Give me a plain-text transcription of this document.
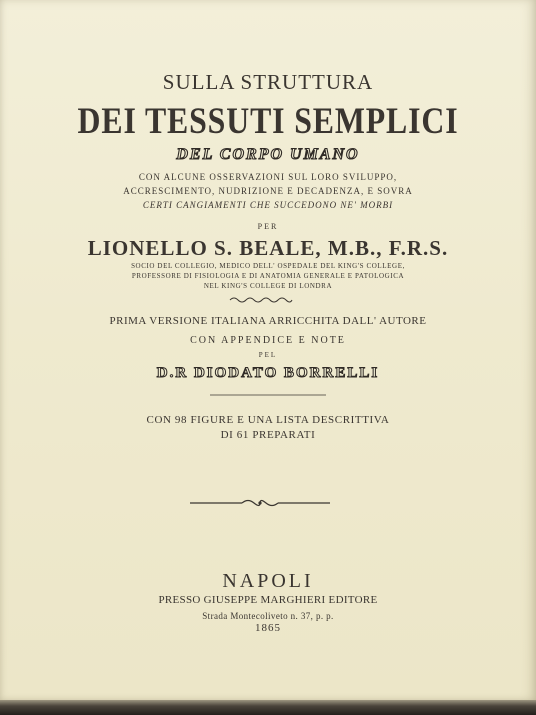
SULLA STRUTTURA
DEI TESSUTI SEMPLICI
DEL CORPO UMANO
CON ALCUNE OSSERVAZIONI SUL LORO SVILUPPO,
ACCRESCIMENTO, NUDRIZIONE E DECADENZA, E SOVRA
CERTI CANGIAMENTI CHE SUCCEDONO NE' MORBI
PER
LIONELLO S. BEALE, M.B., F.R.S.
SOCIO DEL COLLEGIO, MEDICO DELL' OSPEDALE DEL KING'S COLLEGE,
PROFESSORE DI FISIOLOGIA E DI ANATOMIA GENERALE E PATOLOGICA
NEL KING'S COLLEGE DI LONDRA
PRIMA VERSIONE ITALIANA ARRICCHITA DALL' AUTORE
CON APPENDICE E NOTE
PEL
D.R DIODATO BORRELLI
CON 98 FIGURE E UNA LISTA DESCRITTIVA
DI 61 PREPARATI
NAPOLI
PRESSO GIUSEPPE MARGHIERI EDITORE
Strada Montecoliveto n. 37, p. p.
1865
